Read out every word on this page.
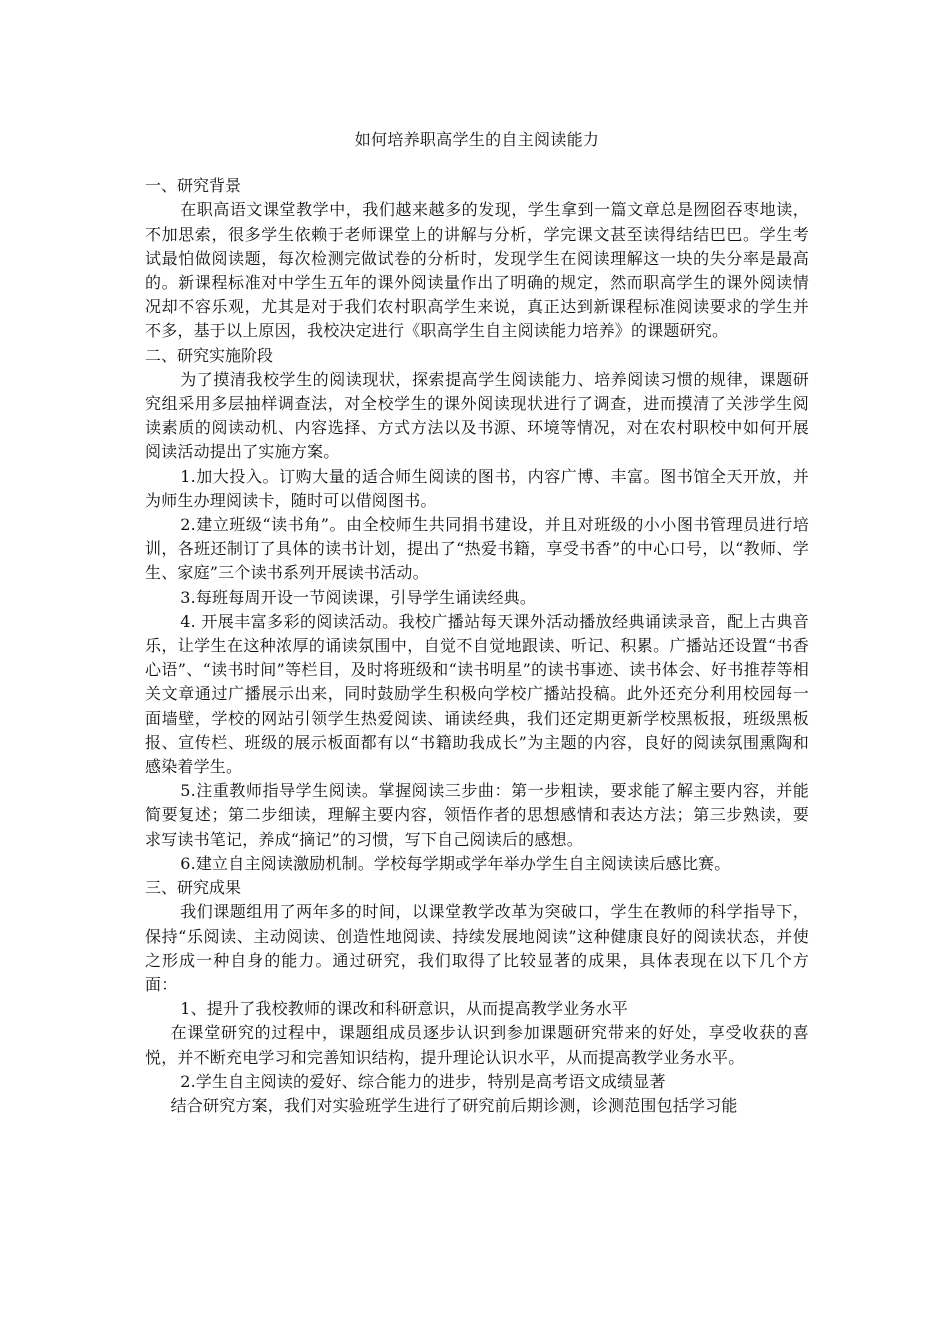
如何培养职高学生的自主阅读能力

一、研究背景

在职高语文课堂教学中，我们越来越多的发现，学生拿到一篇文章总是囫囵吞枣地读，不加思索，很多学生依赖于老师课堂上的讲解与分析，学完课文甚至读得结结巴巴。学生考试最怕做阅读题，每次检测完做试卷的分析时，发现学生在阅读理解这一块的失分率是最高的。新课程标准对中学生五年的课外阅读量作出了明确的规定，然而职高学生的课外阅读情况却不容乐观，尤其是对于我们农村职高学生来说，真正达到新课程标准阅读要求的学生并不多，基于以上原因，我校决定进行《职高学生自主阅读能力培养》的课题研究。

二、研究实施阶段

为了摸清我校学生的阅读现状，探索提高学生阅读能力、培养阅读习惯的规律，课题研究组采用多层抽样调查法，对全校学生的课外阅读现状进行了调查，进而摸清了关涉学生阅读素质的阅读动机、内容选择、方式方法以及书源、环境等情况，对在农村职校中如何开展阅读活动提出了实施方案。

1.加大投入。订购大量的适合师生阅读的图书，内容广博、丰富。图书馆全天开放，并为师生办理阅读卡，随时可以借阅图书。

2.建立班级“读书角”。由全校师生共同捐书建设，并且对班级的小小图书管理员进行培训，各班还制订了具体的读书计划，提出了“热爱书籍，享受书香”的中心口号，以“教师、学生、家庭”三个读书系列开展读书活动。

3.每班每周开设一节阅读课，引导学生诵读经典。

4. 开展丰富多彩的阅读活动。我校广播站每天课外活动播放经典诵读录音，配上古典音乐，让学生在这种浓厚的诵读氛围中，自觉不自觉地跟读、听记、积累。广播站还设置“书香心语”、“读书时间”等栏目，及时将班级和“读书明星”的读书事迹、读书体会、好书推荐等相关文章通过广播展示出来，同时鼓励学生积极向学校广播站投稿。此外还充分利用校园每一面墙壁，学校的网站引领学生热爱阅读、诵读经典，我们还定期更新学校黑板报，班级黑板报、宣传栏、班级的展示板面都有以“书籍助我成长”为主题的内容，良好的阅读氛围熏陶和感染着学生。

5.注重教师指导学生阅读。掌握阅读三步曲：第一步粗读，要求能了解主要内容，并能简要复述；第二步细读，理解主要内容，领悟作者的思想感情和表达方法；第三步熟读，要求写读书笔记，养成“摘记”的习惯，写下自己阅读后的感想。

6.建立自主阅读激励机制。学校每学期或学年举办学生自主阅读读后感比赛。

三、研究成果

我们课题组用了两年多的时间，以课堂教学改革为突破口，学生在教师的科学指导下，保持“乐阅读、主动阅读、创造性地阅读、持续发展地阅读”这种健康良好的阅读状态，并使之形成一种自身的能力。通过研究，我们取得了比较显著的成果，具体表现在以下几个方面：

1、提升了我校教师的课改和科研意识，从而提高教学业务水平

在课堂研究的过程中，课题组成员逐步认识到参加课题研究带来的好处，享受收获的喜悦，并不断充电学习和完善知识结构，提升理论认识水平，从而提高教学业务水平。

2.学生自主阅读的爱好、综合能力的进步，特别是高考语文成绩显著

结合研究方案，我们对实验班学生进行了研究前后期诊测，诊测范围包括学习能
